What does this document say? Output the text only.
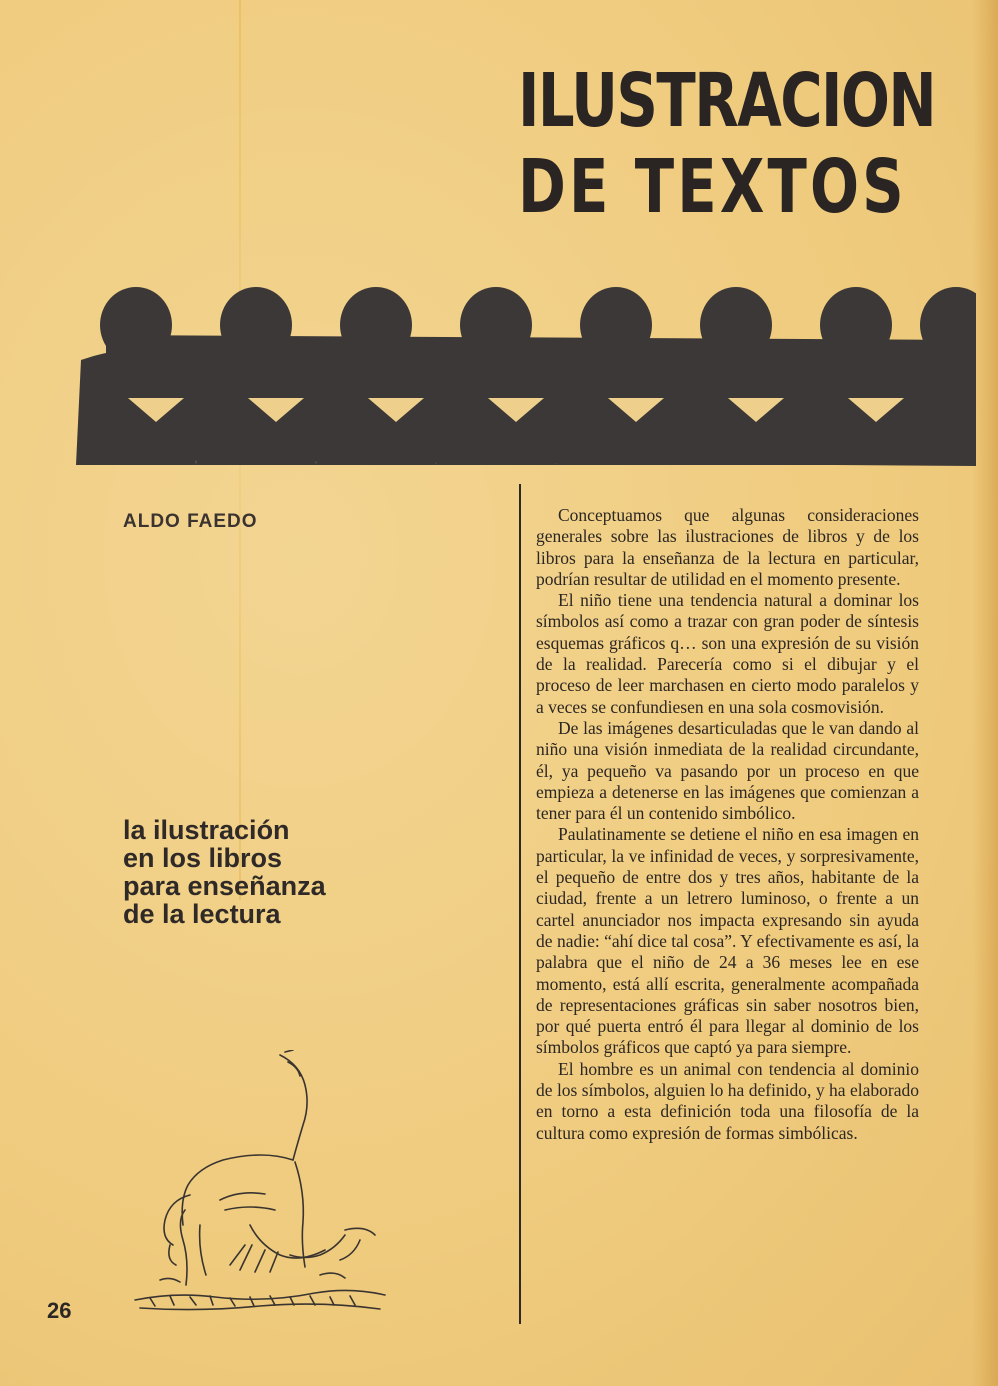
ILUSTRACION
DE TEXTOS

ALDO FAEDO

la ilustración
en los libros
para enseñanza
de la lectura

Conceptuamos que algunas consideraciones generales sobre las ilustraciones de libros y de los libros para la enseñanza de la lectura en particular, podrían resultar de utilidad en el momento presente.

El niño tiene una tendencia natural a dominar los símbolos así como a trazar con gran poder de síntesis esquemas gráficos q… son una expresión de su visión de la realidad. Parecería como si el dibujar y el proceso de leer marchasen en cierto modo paralelos y a veces se confundiesen en una sola cosmovisión.

De las imágenes desarticuladas que le van dando al niño una visión inmediata de la realidad circundante, él, ya pequeño va pasando por un proceso en que empieza a detenerse en las imágenes que comienzan a tener para él un contenido simbólico.

Paulatinamente se detiene el niño en esa imagen en particular, la ve infinidad de veces, y sorpresivamente, el pequeño de entre dos y tres años, habitante de la ciudad, frente a un letrero luminoso, o frente a un cartel anunciador nos impacta expresando sin ayuda de nadie: “ahí dice tal cosa”. Y efectivamente es así, la palabra que el niño de 24 a 36 meses lee en ese momento, está allí escrita, generalmente acompañada de representaciones gráficas sin saber nosotros bien, por qué puerta entró él para llegar al dominio de los símbolos gráficos que captó ya para siempre.

El hombre es un animal con tendencia al dominio de los símbolos, alguien lo ha definido, y ha elaborado en torno a esta definición toda una filosofía de la cultura como expresión de formas simbólicas.

26
